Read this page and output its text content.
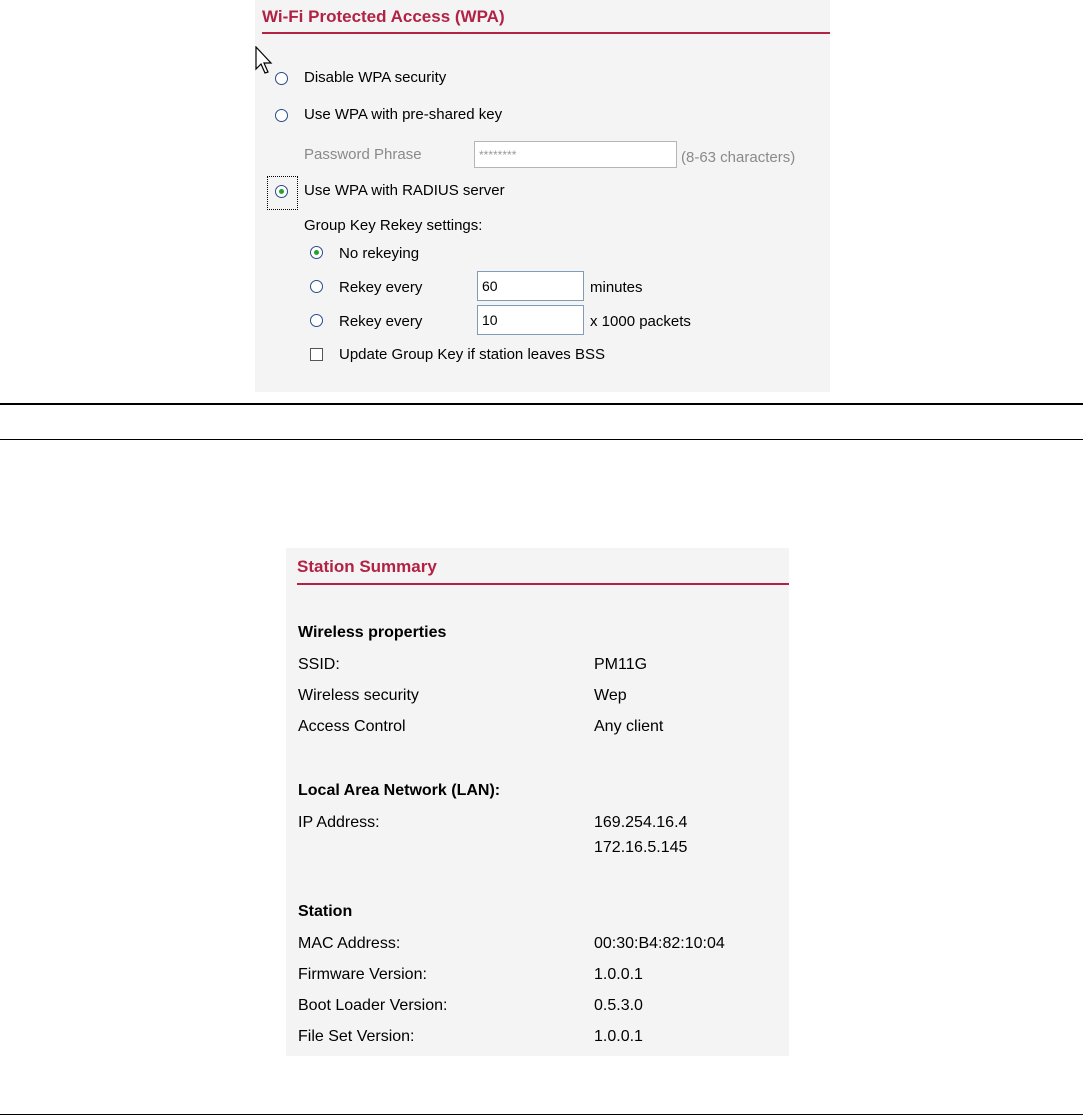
Wi-Fi Protected Access (WPA)
Disable WPA security
Use WPA with pre-shared key
Password Phrase
********	(8-63 characters)
Use WPA with RADIUS server
Group Key Rekey settings:
No rekeying
Rekey every
60	minutes
Rekey every
10	x 1000 packets
Update Group Key if station leaves BSS
Station Summary
Wireless properties
SSID:	PM11G
Wireless security	Wep
Access Control	Any client
Local Area Network (LAN):
IP Address:	169.254.16.4
172.16.5.145
Station
MAC Address:	00:30:B4:82:10:04
Firmware Version:	1.0.0.1
Boot Loader Version:	0.5.3.0
File Set Version:	1.0.0.1
